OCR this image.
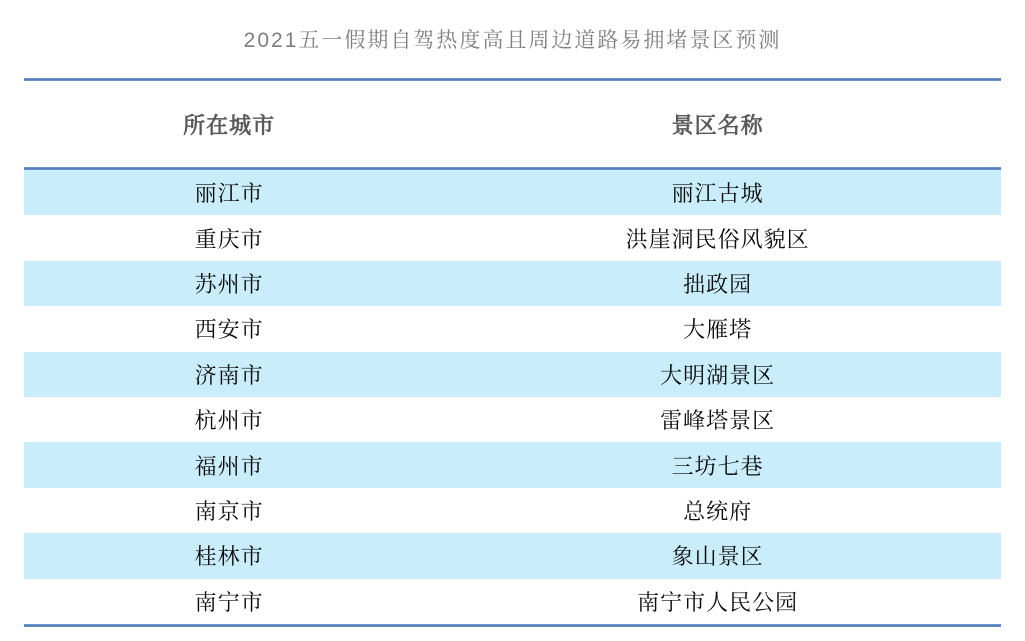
2021五一假期自驾热度高且周边道路易拥堵景区预测
所在城市	景区名称
丽江市	丽江古城
重庆市	洪崖洞民俗风貌区
苏州市	拙政园
西安市	大雁塔
济南市	大明湖景区
杭州市	雷峰塔景区
福州市	三坊七巷
南京市	总统府
桂林市	象山景区
南宁市	南宁市人民公园
